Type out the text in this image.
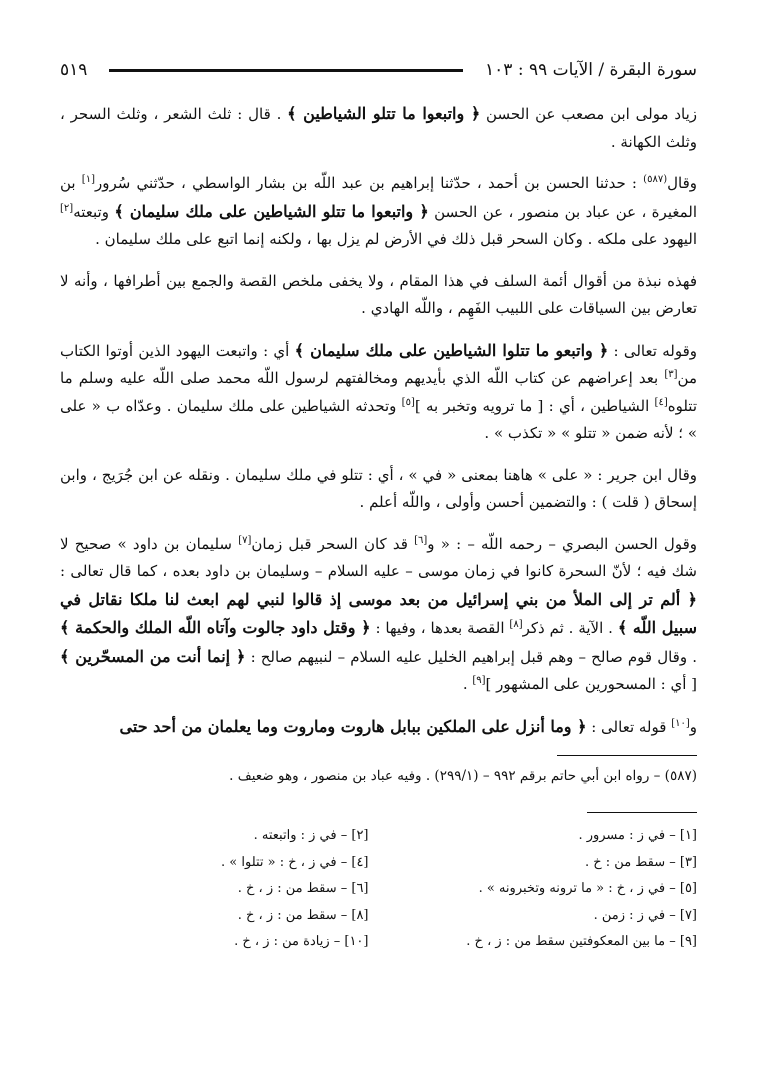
سورة البقرة / الآيات ٩٩ : ١٠٣
٥١٩

زياد مولى ابن مصعب عن الحسن ﴿ واتبعوا ما تتلو الشياطين ﴾ . قال : ثلث الشعر ، وثلث السحر ، وثلث الكهانة .

وقال$^{(٥٨٧)}$ : حدثنا الحسن بن أحمد ، حدّثنا إبراهيم بن عبد اللّه بن بشار الواسطي ، حدّثني سُرور[١] بن المغيرة ، عن عباد بن منصور ، عن الحسن ﴿ واتبعوا ما تتلو الشياطين على ملك سليمان ﴾ وتبعته[٢] اليهود على ملكه . وكان السحر قبل ذلك في الأرض لم يزل بها ، ولكنه إنما اتبع على ملك سليمان .

فهذه نبذة من أقوال أئمة السلف في هذا المقام ، ولا يخفى ملخص القصة والجمع بين أطرافها ، وأنه لا تعارض بين السياقات على اللبيب الفَهِم ، واللّه الهادي .

وقوله تعالى : ﴿ واتبعو ما تتلوا الشياطين على ملك سليمان ﴾ أي : واتبعت اليهود الذين أوتوا الكتاب من[٣] بعد إعراضهم عن كتاب اللّه الذي بأيديهم ومخالفتهم لرسول اللّه محمد صلى اللّه عليه وسلم ما تتلوه[٤] الشياطين ، أي : [ ما ترويه وتخبر به ][٥] وتحدثه الشياطين على ملك سليمان . وعدّاه ب « على » ؛ لأنه ضمن « تتلو » « تكذب » .

وقال ابن جرير : « على » هاهنا بمعنى « في » ، أي : تتلو في ملك سليمان . ونقله عن ابن جُرَيج ، وابن إسحاق ( قلت ) : والتضمين أحسن وأولى ، واللّه أعلم .

وقول الحسن البصري – رحمه اللّه – : « و[٦] قد كان السحر قبل زمان[٧] سليمان بن داود » صحيح لا شك فيه ؛ لأنّ السحرة كانوا في زمان موسى – عليه السلام – وسليمان بن داود بعده ، كما قال تعالى : ﴿ ألم تر إلى الملأ من بني إسرائيل من بعد موسى إذ قالوا لنبي لهم ابعث لنا ملكا نقاتل في سبيل اللّه ﴾ . الآية . ثم ذكر[٨] القصة بعدها ، وفيها : ﴿ وقتل داود جالوت وآتاه اللّه الملك والحكمة ﴾ . وقال قوم صالح – وهم قبل إبراهيم الخليل عليه السلام – لنبيهم صالح : ﴿ إنما أنت من المسحّرين ﴾ [ أي : المسحورين على المشهور ][٩] .

و[١٠] قوله تعالى : ﴿ وما أنزل على الملكين ببابل هاروت وماروت وما يعلمان من أحد حتى

(٥٨٧) – رواه ابن أبي حاتم برقم ٩٩٢ – (٢٩٩/١) . وفيه عباد بن منصور ، وهو ضعيف .

[١] – في ز : مسرور .
[٢] – في ز : واتبعته .
[٣] – سقط من : خ .
[٤] – في ز ، خ : « تتلوا » .
[٥] – في ز ، خ : « ما ترونه وتخبرونه » .
[٦] – سقط من : ز ، خ .
[٧] – في ز : زمن .
[٨] – سقط من : ز ، خ .
[٩] – ما بين المعكوفتين سقط من : ز ، خ .
[١٠] – زيادة من : ز ، خ .
